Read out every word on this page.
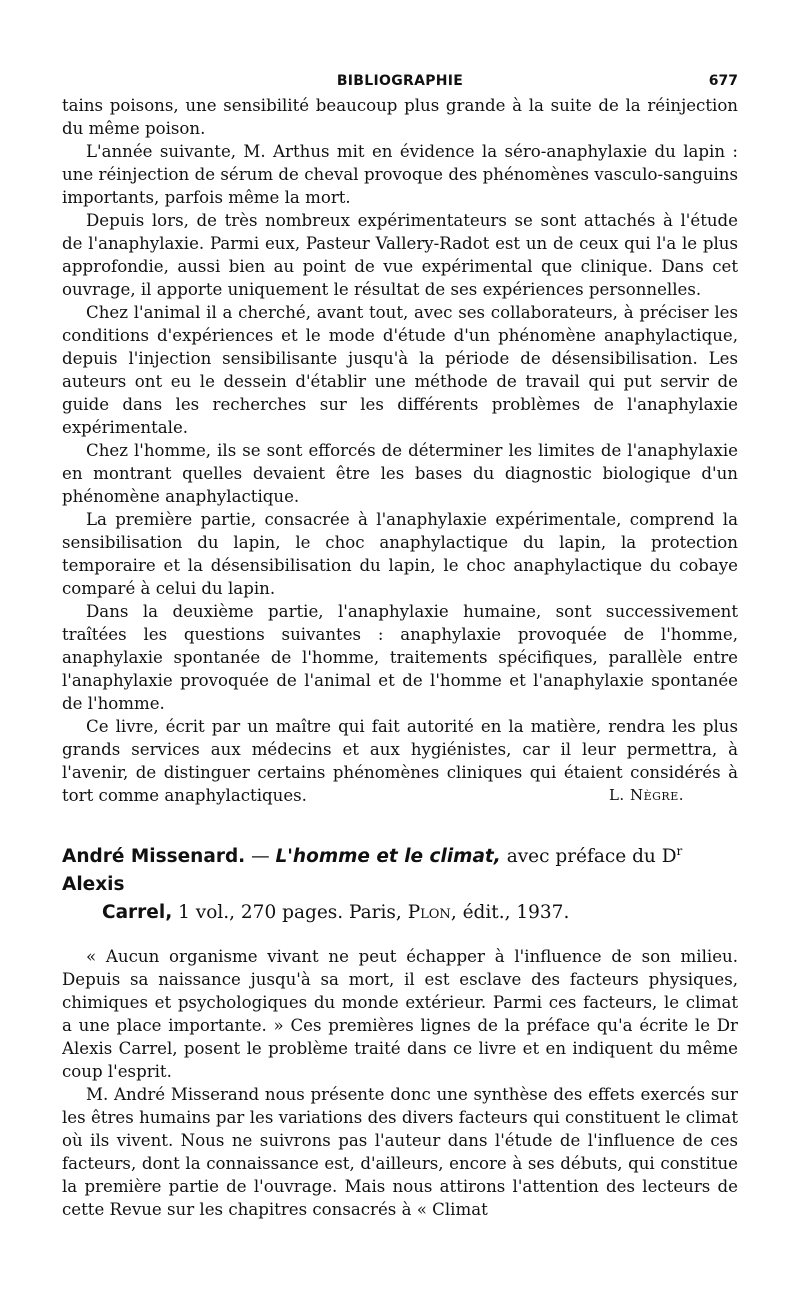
BIBLIOGRAPHIE	677

tains poisons, une sensibilité beaucoup plus grande à la suite de la réinjection du même poison.

L'année suivante, M. Arthus mit en évidence la séro-anaphylaxie du lapin : une réinjection de sérum de cheval provoque des phénomènes vasculo-sanguins importants, parfois même la mort.

Depuis lors, de très nombreux expérimentateurs se sont attachés à l'étude de l'anaphylaxie. Parmi eux, Pasteur Vallery-Radot est un de ceux qui l'a le plus approfondie, aussi bien au point de vue expérimental que clinique. Dans cet ouvrage, il apporte uniquement le résultat de ses expériences personnelles.

Chez l'animal il a cherché, avant tout, avec ses collaborateurs, à préciser les conditions d'expériences et le mode d'étude d'un phénomène anaphylactique, depuis l'injection sensibilisante jusqu'à la période de désensibilisation. Les auteurs ont eu le dessein d'établir une méthode de travail qui put servir de guide dans les recherches sur les différents problèmes de l'anaphylaxie expérimentale.

Chez l'homme, ils se sont efforcés de déterminer les limites de l'anaphylaxie en montrant quelles devaient être les bases du diagnostic biologique d'un phénomène anaphylactique.

La première partie, consacrée à l'anaphylaxie expérimentale, comprend la sensibilisation du lapin, le choc anaphylactique du lapin, la protection temporaire et la désensibilisation du lapin, le choc anaphylactique du cobaye comparé à celui du lapin.

Dans la deuxième partie, l'anaphylaxie humaine, sont successivement traîtées les questions suivantes : anaphylaxie provoquée de l'homme, anaphylaxie spontanée de l'homme, traitements spécifiques, parallèle entre l'anaphylaxie provoquée de l'animal et de l'homme et l'anaphylaxie spontanée de l'homme.

Ce livre, écrit par un maître qui fait autorité en la matière, rendra les plus grands services aux médecins et aux hygiénistes, car il leur permettra, à l'avenir, de distinguer certains phénomènes cliniques qui étaient considérés à tort comme anaphylactiques.	L. Nègre.

André Missenard. — L'homme et le climat, avec préface du $D^r$ Alexis
Carrel, 1 vol., 270 pages. Paris, Plon, édit., 1937.

« Aucun organisme vivant ne peut échapper à l'influence de son milieu. Depuis sa naissance jusqu'à sa mort, il est esclave des facteurs physiques, chimiques et psychologiques du monde extérieur. Parmi ces facteurs, le climat a une place importante. » Ces premières lignes de la préface qu'a écrite le Dr Alexis Carrel, posent le problème traité dans ce livre et en indiquent du même coup l'esprit.

M. André Misserand nous présente donc une synthèse des effets exercés sur les êtres humains par les variations des divers facteurs qui constituent le climat où ils vivent. Nous ne suivrons pas l'auteur dans l'étude de l'influence de ces facteurs, dont la connaissance est, d'ailleurs, encore à ses débuts, qui constitue la première partie de l'ouvrage. Mais nous attirons l'attention des lecteurs de cette Revue sur les chapitres consacrés à « Climat
